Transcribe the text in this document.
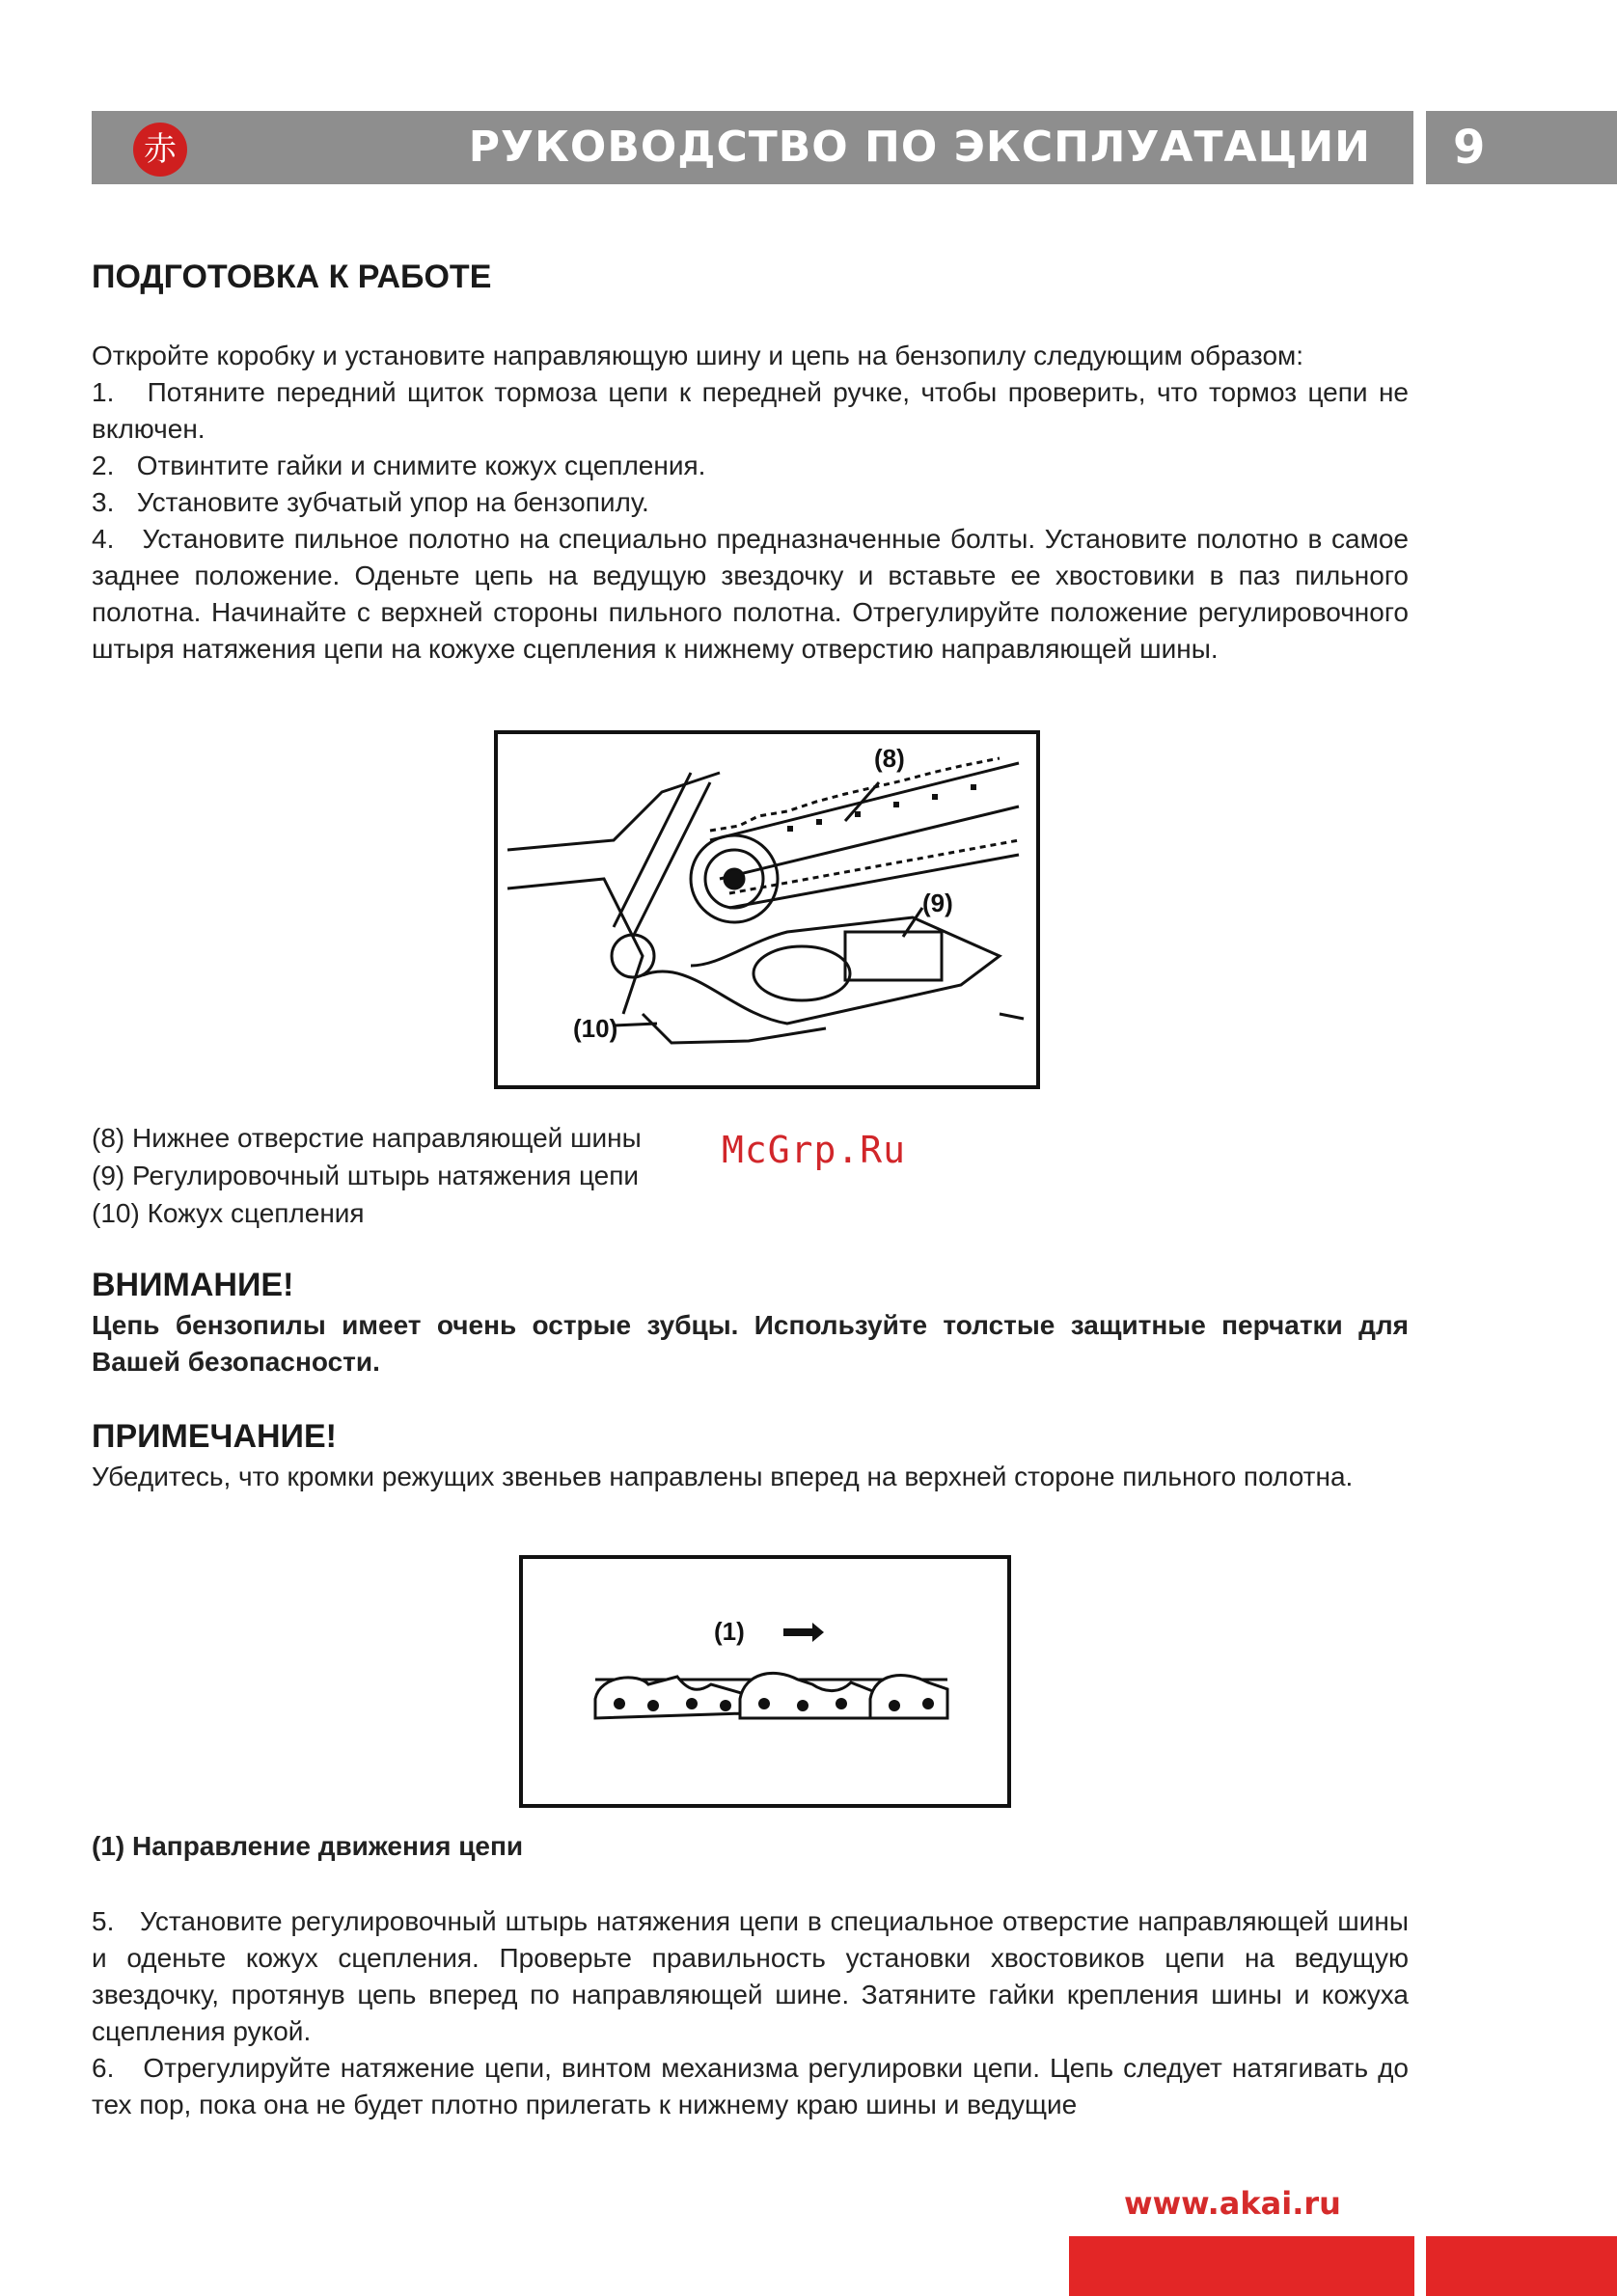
赤	РУКОВОДСТВО ПО ЭКСПЛУАТАЦИИ	9
ПОДГОТОВКА К РАБОТЕ

Откройте коробку и установите направляющую шину и цепь на бензопилу следующим образом:

1.   Потяните передний щиток тормоза цепи к передней ручке, чтобы проверить, что тормоз цепи не включен.

2.   Отвинтите гайки и снимите кожух сцепления.

3.   Установите зубчатый упор на бензопилу.

4.   Установите пильное полотно на специально предназначенные болты. Установите полотно в самое заднее положение. Оденьте цепь на ведущую звездочку и вставьте ее хвостовики в паз пильного полотна. Начинайте с верхней стороны пильного полотна. Отрегулируйте положение регулировочного штыря натяжения цепи на кожухе сцепления к нижнему отверстию направляющей шины.

(8)
(9)
(10)

(8) Нижнее отверстие направляющей шины

(9) Регулировочный штырь натяжения цепи

(10) Кожух сцепления

McGrp.Ru
ВНИМАНИЕ!
Цепь бензопилы имеет очень острые зубцы. Используйте толстые защитные перчатки для Вашей безопасности.
ПРИМЕЧАНИЕ!
Убедитесь, что кромки режущих звеньев направлены вперед на верхней стороне пильного полотна.
(1)
(1) Направление движения цепи

5.   Установите регулировочный штырь натяжения цепи в специальное отверстие направляющей шины и оденьте кожух сцепления. Проверьте правильность установки хвостовиков цепи на ведущую звездочку, протянув цепь вперед по направляющей шине. Затяните гайки крепления шины и кожуха сцепления рукой.

6.   Отрегулируйте натяжение цепи, винтом механизма регулировки цепи. Цепь следует натягивать до тех пор, пока она не будет плотно прилегать к нижнему краю шины и ведущие

www.akai.ru
